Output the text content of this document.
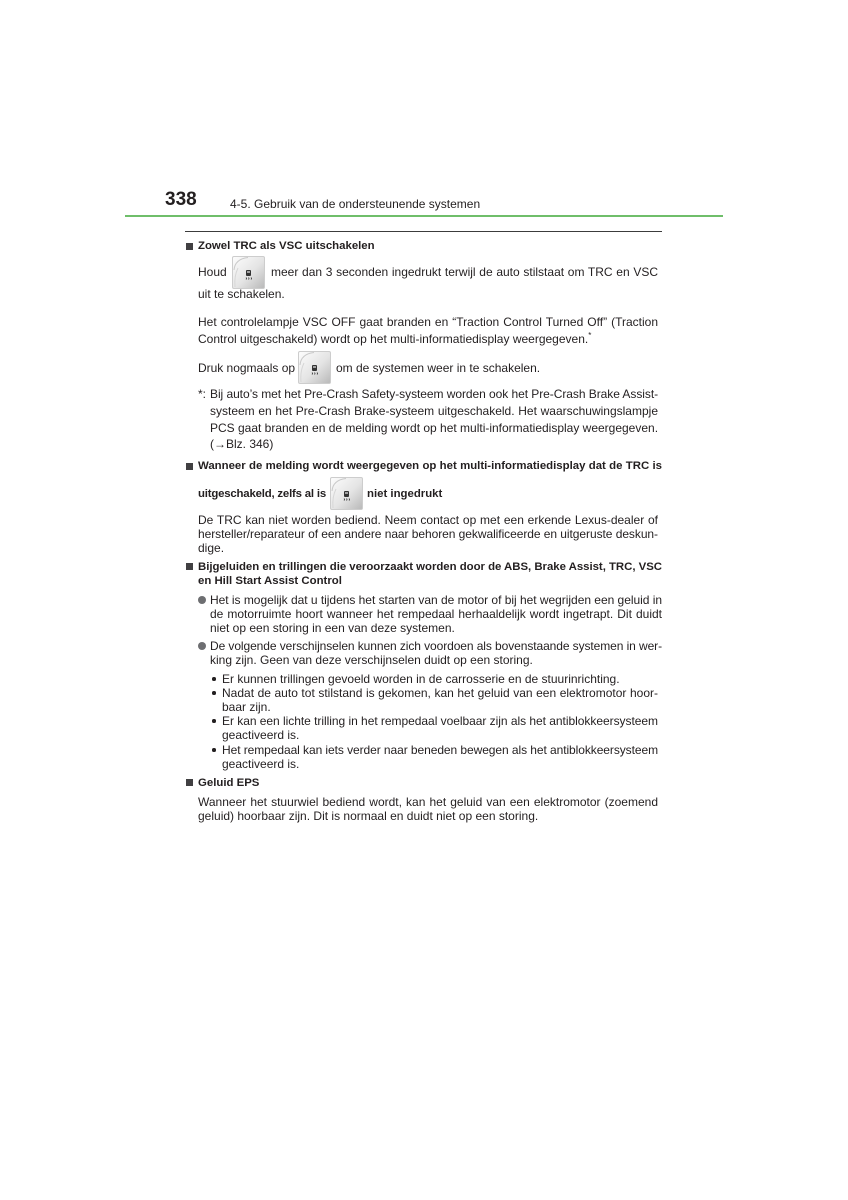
338	4-5. Gebruik van de ondersteunende systemen
Zowel TRC als VSC uitschakelen
Houd	meer dan 3 seconden ingedrukt terwijl de auto stilstaat om TRC en VSC
uit te schakelen.
Het controlelampje VSC OFF gaat branden en “Traction Control Turned Off” (Traction
Control uitgeschakeld) wordt op het multi-informatiedisplay weergegeven.*
Druk nogmaals op	om de systemen weer in te schakelen.
*: Bij auto’s met het Pre-Crash Safety-systeem worden ook het Pre-Crash Brake Assist-
systeem en het Pre-Crash Brake-systeem uitgeschakeld. Het waarschuwingslampje
PCS gaat branden en de melding wordt op het multi-informatiedisplay weergegeven.
(→Blz. 346)
Wanneer de melding wordt weergegeven op het multi-informatiedisplay dat de TRC is
uitgeschakeld, zelfs al is	niet ingedrukt
De TRC kan niet worden bediend. Neem contact op met een erkende Lexus-dealer of
hersteller/reparateur of een andere naar behoren gekwalificeerde en uitgeruste deskun-
dige.
Bijgeluiden en trillingen die veroorzaakt worden door de ABS, Brake Assist, TRC, VSC
en Hill Start Assist Control
Het is mogelijk dat u tijdens het starten van de motor of bij het wegrijden een geluid in
de motorruimte hoort wanneer het rempedaal herhaaldelijk wordt ingetrapt. Dit duidt
niet op een storing in een van deze systemen.
De volgende verschijnselen kunnen zich voordoen als bovenstaande systemen in wer-
king zijn. Geen van deze verschijnselen duidt op een storing.
Er kunnen trillingen gevoeld worden in de carrosserie en de stuurinrichting.
Nadat de auto tot stilstand is gekomen, kan het geluid van een elektromotor hoor-
baar zijn.
Er kan een lichte trilling in het rempedaal voelbaar zijn als het antiblokkeersysteem
geactiveerd is.
Het rempedaal kan iets verder naar beneden bewegen als het antiblokkeersysteem
geactiveerd is.
Geluid EPS
Wanneer het stuurwiel bediend wordt, kan het geluid van een elektromotor (zoemend
geluid) hoorbaar zijn. Dit is normaal en duidt niet op een storing.
